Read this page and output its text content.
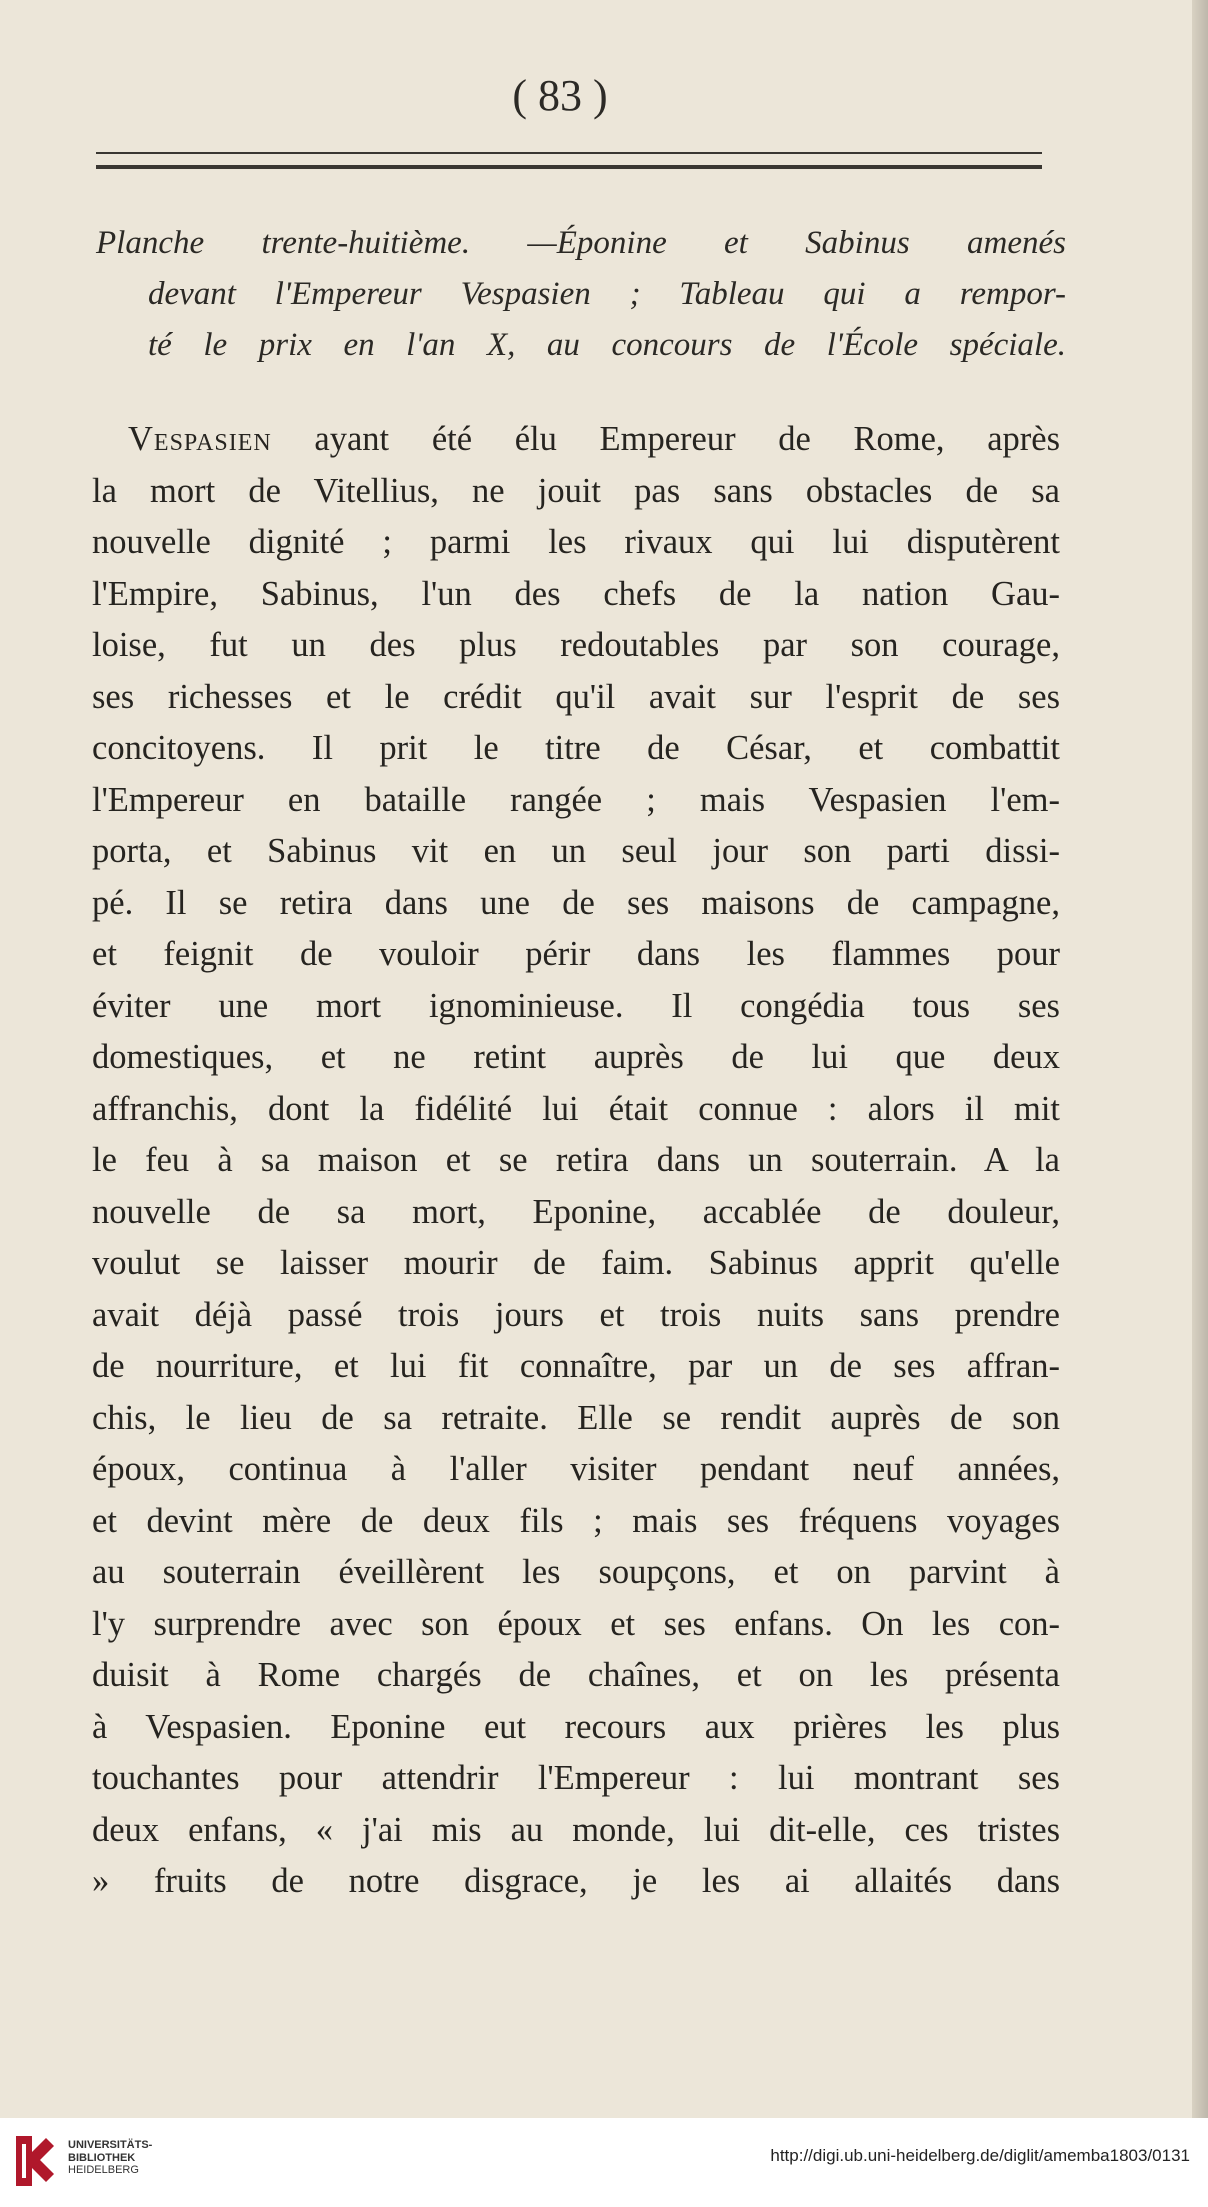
( 83 )

Planche trente-huitième. —Éponine et Sabinus amenés
devant l'Empereur Vespasien ; Tableau qui a rempor-
té le prix en l'an X, au concours de l'École spéciale.

Vespasien ayant été élu Empereur de Rome, après
la mort de Vitellius, ne jouit pas sans obstacles de sa
nouvelle dignité ; parmi les rivaux qui lui disputèrent
l'Empire, Sabinus, l'un des chefs de la nation Gau-
loise, fut un des plus redoutables par son courage,
ses richesses et le crédit qu'il avait sur l'esprit de ses
concitoyens. Il prit le titre de César, et combattit
l'Empereur en bataille rangée ; mais Vespasien l'em-
porta, et Sabinus vit en un seul jour son parti dissi-
pé. Il se retira dans une de ses maisons de campagne,
et feignit de vouloir périr dans les flammes pour
éviter une mort ignominieuse. Il congédia tous ses
domestiques, et ne retint auprès de lui que deux
affranchis, dont la fidélité lui était connue : alors il mit
le feu à sa maison et se retira dans un souterrain. A la
nouvelle de sa mort, Eponine, accablée de douleur,
voulut se laisser mourir de faim. Sabinus apprit qu'elle
avait déjà passé trois jours et trois nuits sans prendre
de nourriture, et lui fit connaître, par un de ses affran-
chis, le lieu de sa retraite. Elle se rendit auprès de son
époux, continua à l'aller visiter pendant neuf années,
et devint mère de deux fils ; mais ses fréquens voyages
au souterrain éveillèrent les soupçons, et on parvint à
l'y surprendre avec son époux et ses enfans. On les con-
duisit à Rome chargés de chaînes, et on les présenta
à Vespasien. Eponine eut recours aux prières les plus
touchantes pour attendrir l'Empereur : lui montrant ses
deux enfans, « j'ai mis au monde, lui dit-elle, ces tristes
» fruits de notre disgrace, je les ai allaités dans

UNIVERSITÄTS-
BIBLIOTHEK
HEIDELBERG
http://digi.ub.uni-heidelberg.de/diglit/amemba1803/0131
